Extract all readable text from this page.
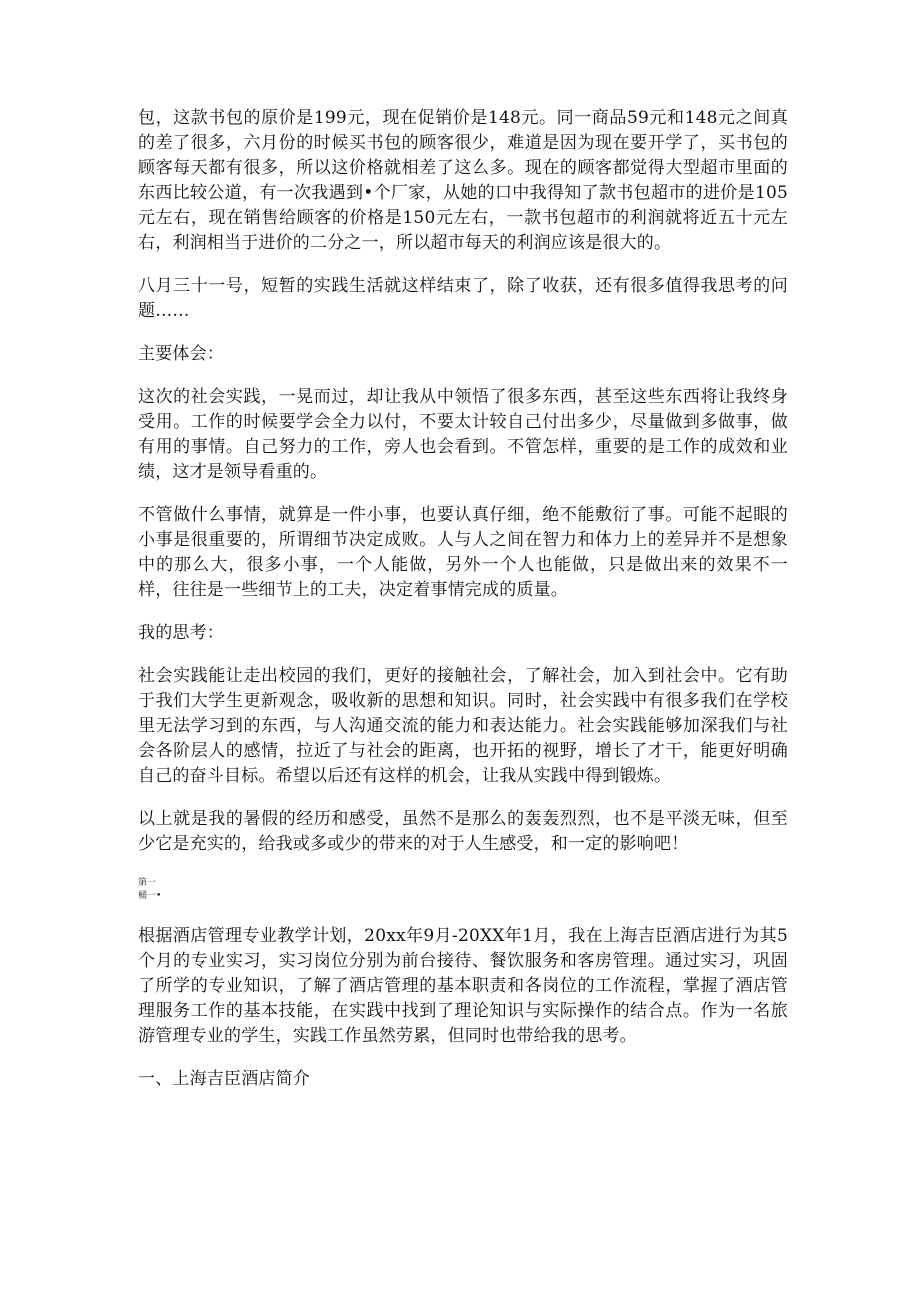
包，这款书包的原价是199元，现在促销价是148元。同一商品59元和148元之间真的差了很多，六月份的时候买书包的顾客很少，难道是因为现在要开学了，买书包的顾客每天都有很多，所以这价格就相差了这么多。现在的顾客都觉得大型超市里面的东西比较公道，有一次我遇到•个厂家，从她的口中我得知了款书包超市的进价是105元左右，现在销售给顾客的价格是150元左右，一款书包超市的利润就将近五十元左右，利润相当于进价的二分之一，所以超市每天的利润应该是很大的。

八月三十一号，短暂的实践生活就这样结束了，除了收获，还有很多值得我思考的问题……

主要体会：

这次的社会实践，一晃而过，却让我从中领悟了很多东西，甚至这些东西将让我终身受用。工作的时候要学会全力以付，不要太计较自己付出多少，尽量做到多做事，做有用的事情。自己努力的工作，旁人也会看到。不管怎样，重要的是工作的成效和业绩，这才是领导看重的。

不管做什么事情，就算是一件小事，也要认真仔细，绝不能敷衍了事。可能不起眼的小事是很重要的，所谓细节决定成败。人与人之间在智力和体力上的差异并不是想象中的那么大，很多小事，一个人能做，另外一个人也能做，只是做出来的效果不一样，往往是一些细节上的工夫，决定着事情完成的质量。

我的思考：

社会实践能让走出校园的我们，更好的接触社会，了解社会，加入到社会中。它有助于我们大学生更新观念，吸收新的思想和知识。同时，社会实践中有很多我们在学校里无法学习到的东西，与人沟通交流的能力和表达能力。社会实践能够加深我们与社会各阶层人的感情，拉近了与社会的距离，也开拓的视野，增长了才干，能更好明确自己的奋斗目标。希望以后还有这样的机会，让我从实践中得到锻炼。

以上就是我的暑假的经历和感受，虽然不是那么的轰轰烈烈，也不是平淡无味，但至少它是充实的，给我或多或少的带来的对于人生感受，和一定的影响吧！

第一

桶一•

根据酒店管理专业教学计划，20xx年9月-20XX年1月，我在上海吉臣酒店进行为其5个月的专业实习，实习岗位分别为前台接待、餐饮服务和客房管理。通过实习，巩固了所学的专业知识，了解了酒店管理的基本职责和各岗位的工作流程，掌握了酒店管理服务工作的基本技能，在实践中找到了理论知识与实际操作的结合点。作为一名旅游管理专业的学生，实践工作虽然劳累，但同时也带给我的思考。

一、上海吉臣酒店简介
